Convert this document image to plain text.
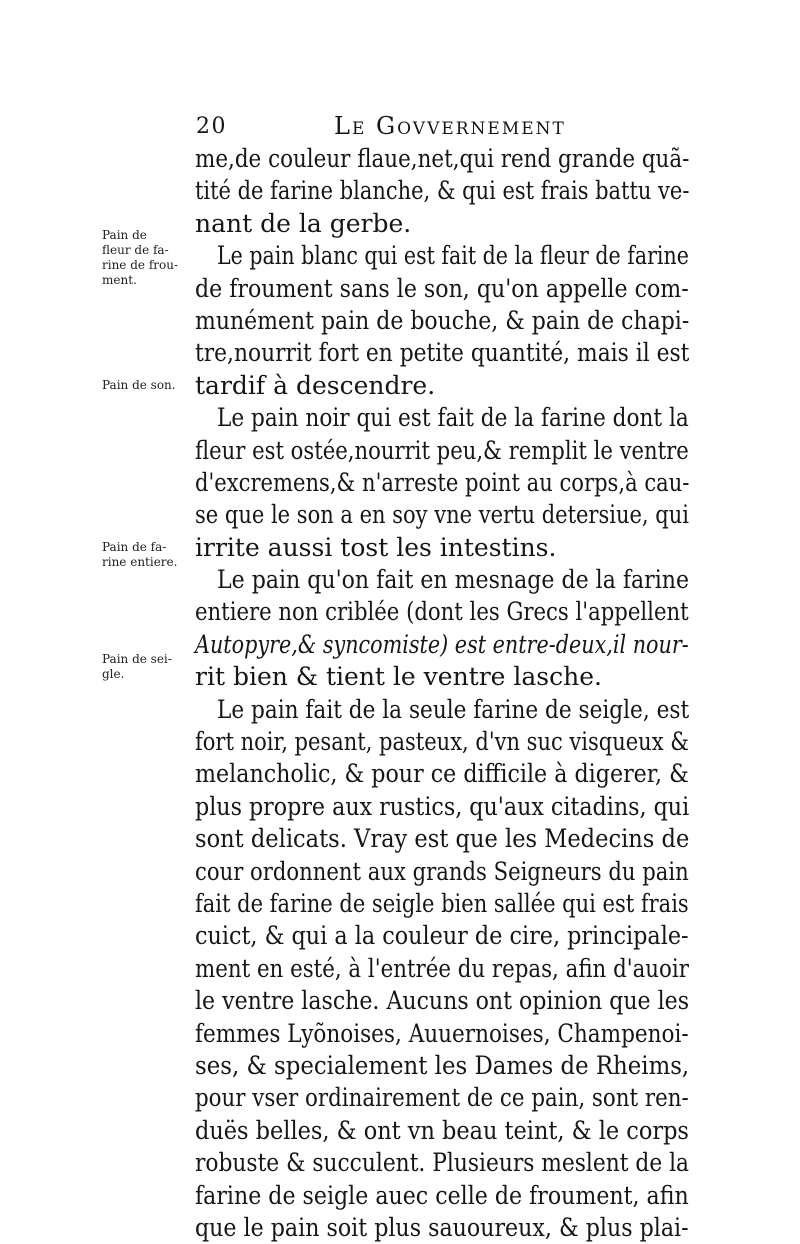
20	Le Govvernement
Pain de
fleur de fa-
rine de frou-
ment.
Pain de son.
Pain de fa-
rine entiere.
Pain de sei-
gle.
me,de couleur flaue,net,qui rend grande quã-
tité de farine blanche, & qui est frais battu ve-
nant de la gerbe.
Le pain blanc qui est fait de la fleur de farine
de froument sans le son, qu'on appelle com-
munément pain de bouche, & pain de chapi-
tre,nourrit fort en petite quantité, mais il est
tardif à descendre.
Le pain noir qui est fait de la farine dont la
fleur est ostée,nourrit peu,& remplit le ventre
d'excremens,& n'arreste point au corps,à cau-
se que le son a en soy vne vertu detersiue, qui
irrite aussi tost les intestins.
Le pain qu'on fait en mesnage de la farine
entiere non criblée (dont les Grecs l'appellent
Autopyre,& syncomiste) est entre-deux,il nour-
rit bien & tient le ventre lasche.
Le pain fait de la seule farine de seigle, est
fort noir, pesant, pasteux, d'vn suc visqueux &
melancholic, & pour ce difficile à digerer, &
plus propre aux rustics, qu'aux citadins, qui
sont delicats. Vray est que les Medecins de
cour ordonnent aux grands Seigneurs du pain
fait de farine de seigle bien sallée qui est frais
cuict, & qui a la couleur de cire, principale-
ment en esté, à l'entrée du repas, afin d'auoir
le ventre lasche. Aucuns ont opinion que les
femmes Lyõnoises, Auuernoises, Champenoi-
ses, & specialement les Dames de Rheims,
pour vser ordinairement de ce pain, sont ren-
duës belles, & ont vn beau teint, & le corps
robuste & succulent. Plusieurs meslent de la
farine de seigle auec celle de froument, afin
que le pain soit plus sauoureux, & plus plai-
